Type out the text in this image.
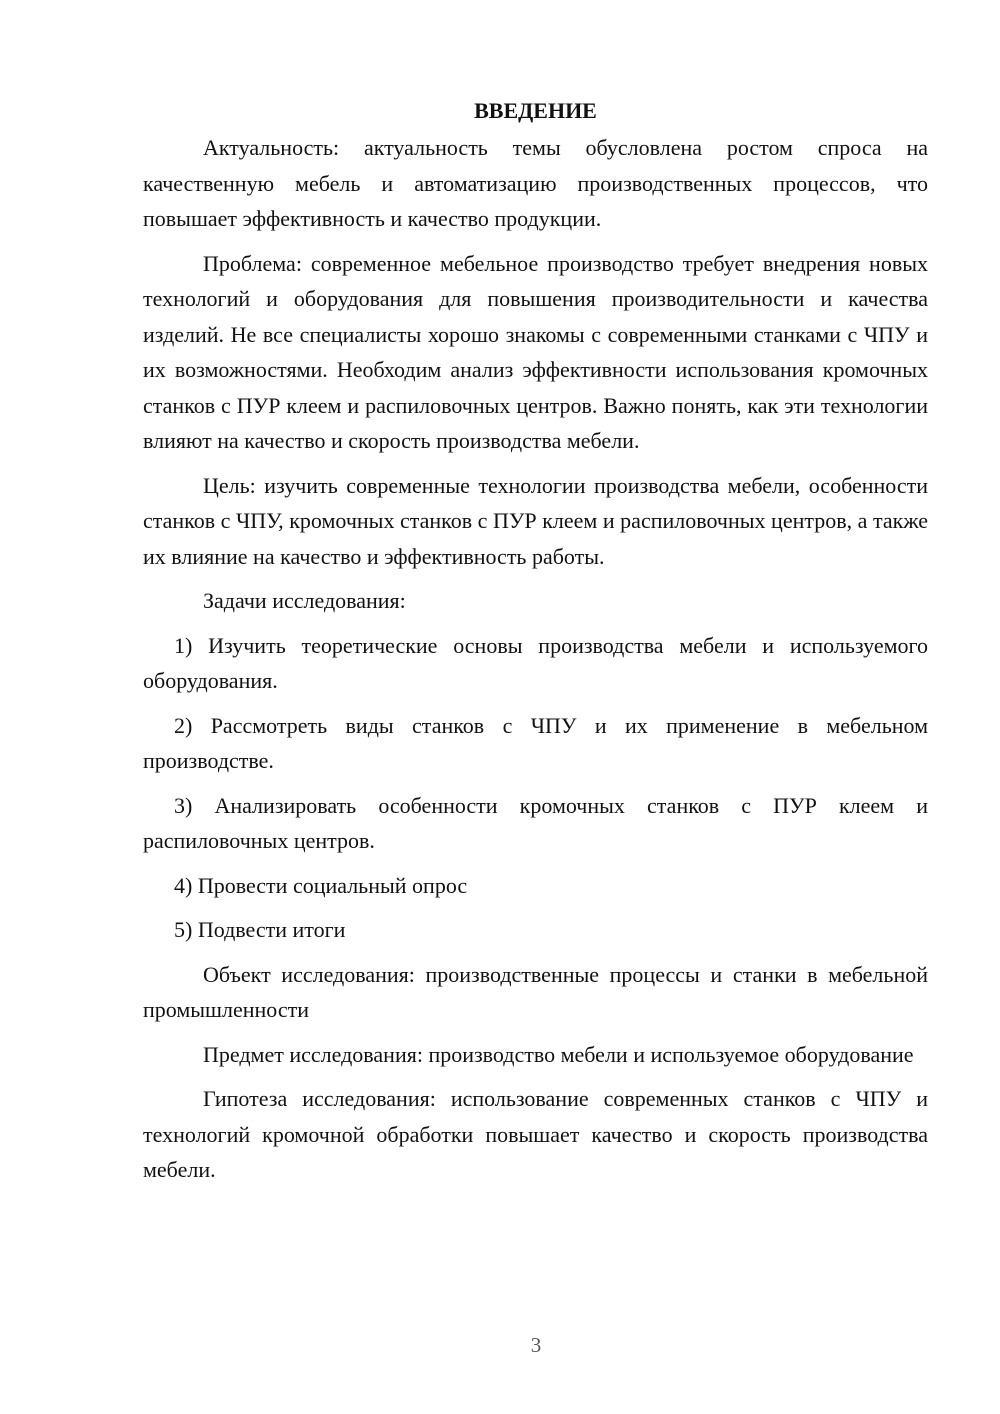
ВВЕДЕНИЕ

Актуальность: актуальность темы обусловлена ростом спроса на качественную мебель и автоматизацию производственных процессов, что повышает эффективность и качество продукции.

Проблема: современное мебельное производство требует внедрения новых технологий и оборудования для повышения производительности и качества изделий. Не все специалисты хорошо знакомы с современными станками с ЧПУ и их возможностями. Необходим анализ эффективности использования кромочных станков с ПУР клеем и распиловочных центров. Важно понять, как эти технологии влияют на качество и скорость производства мебели.

Цель: изучить современные технологии производства мебели, особенности станков с ЧПУ, кромочных станков с ПУР клеем и распиловочных центров, а также их влияние на качество и эффективность работы.

Задачи исследования:

1) Изучить теоретические основы производства мебели и используемого оборудования.

2) Рассмотреть виды станков с ЧПУ и их применение в мебельном производстве.

3) Анализировать особенности кромочных станков с ПУР клеем и распиловочных центров.

4) Провести социальный опрос

5) Подвести итоги

Объект исследования: производственные процессы и станки в мебельной промышленности

Предмет исследования: производство мебели и используемое оборудование

Гипотеза исследования: использование современных станков с ЧПУ и технологий кромочной обработки повышает качество и скорость производства мебели.

3
